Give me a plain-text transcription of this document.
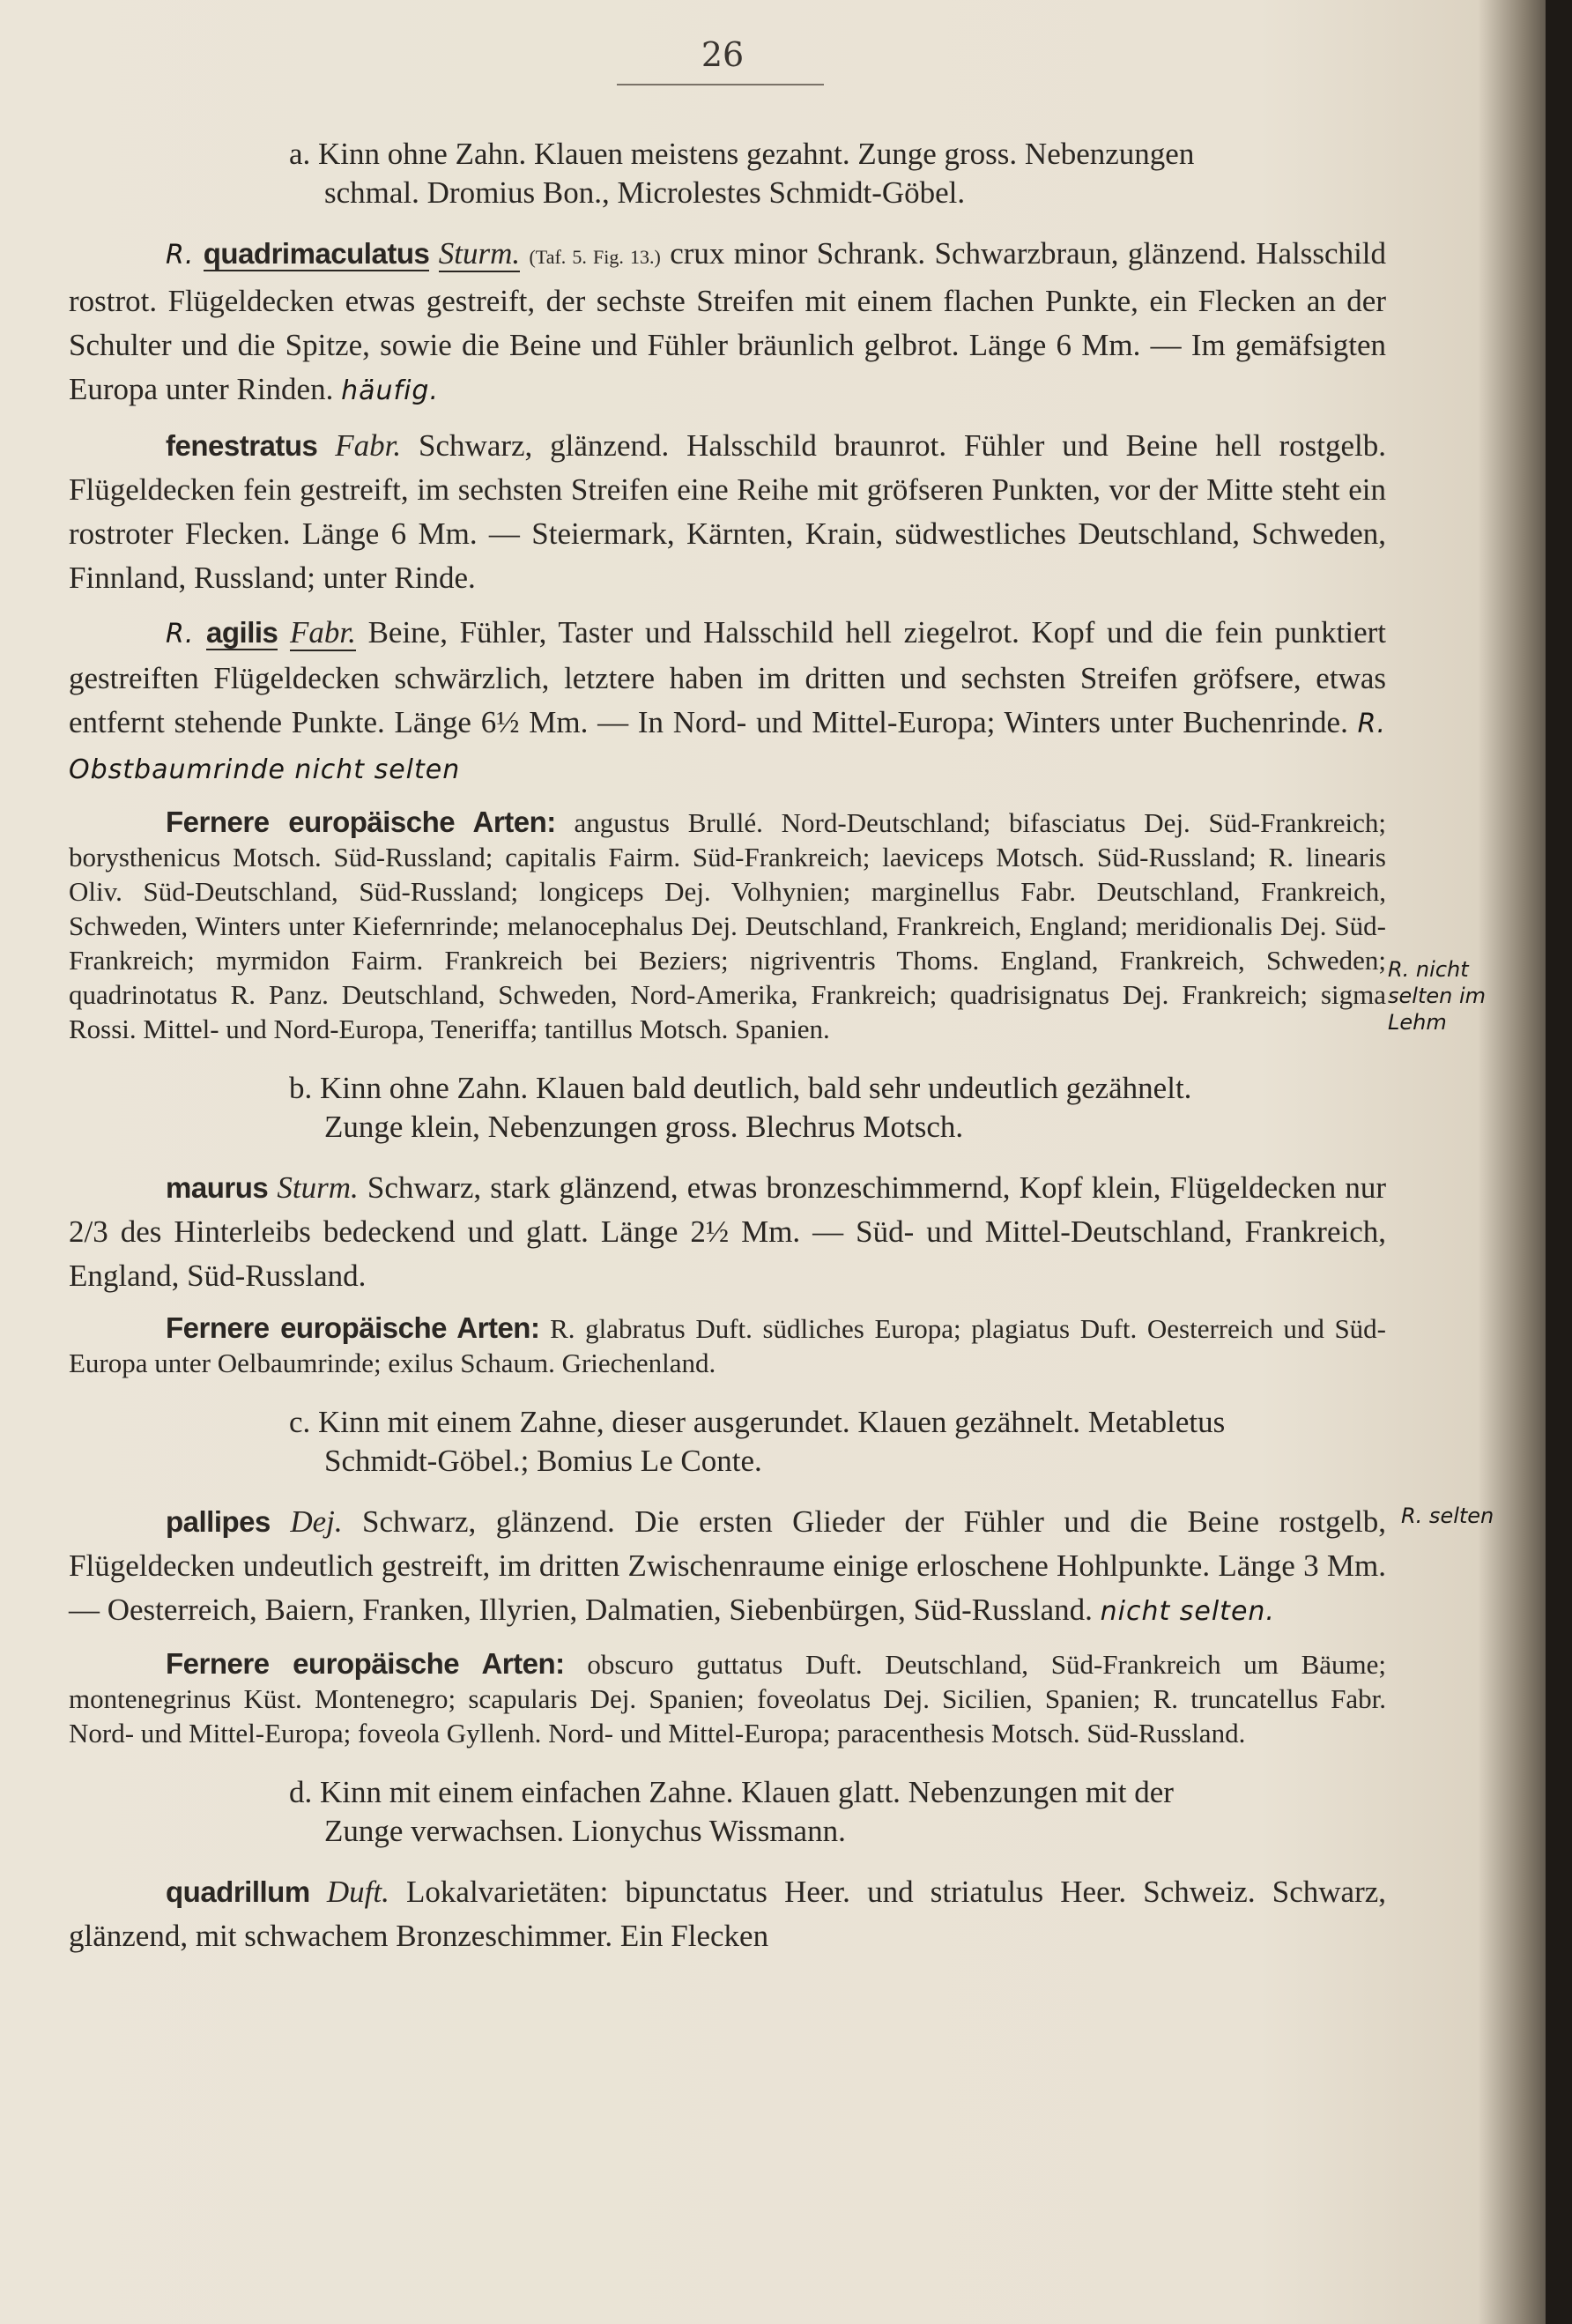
26

a. Kinn ohne Zahn. Klauen meistens gezahnt. Zunge gross. Nebenzungen schmal. Dromius Bon., Microlestes Schmidt-Göbel.

R. quadrimaculatus Sturm. (Taf. 5. Fig. 13.) crux minor Schrank. Schwarzbraun, glänzend. Halsschild rostrot. Flügeldecken etwas gestreift, der sechste Streifen mit einem flachen Punkte, ein Flecken an der Schulter und die Spitze, sowie die Beine und Fühler bräunlich gelbrot. Länge 6 Mm. — Im gemäfsigten Europa unter Rinden. häufig.

fenestratus Fabr. Schwarz, glänzend. Halsschild braunrot. Fühler und Beine hell rostgelb. Flügeldecken fein gestreift, im sechsten Streifen eine Reihe mit gröfseren Punkten, vor der Mitte steht ein rostroter Flecken. Länge 6 Mm. — Steiermark, Kärnten, Krain, südwestliches Deutschland, Schweden, Finnland, Russland; unter Rinde.

R. agilis Fabr. Beine, Fühler, Taster und Halsschild hell ziegelrot. Kopf und die fein punktiert gestreiften Flügeldecken schwärzlich, letztere haben im dritten und sechsten Streifen gröfsere, etwas entfernt stehende Punkte. Länge 6½ Mm. — In Nord- und Mittel-Europa; Winters unter Buchenrinde. R. Obstbaumrinde nicht selten

Fernere europäische Arten: angustus Brullé. Nord-Deutschland; bifasciatus Dej. Süd-Frankreich; borysthenicus Motsch. Süd-Russland; capitalis Fairm. Süd-Frankreich; laeviceps Motsch. Süd-Russland; R. linearis Oliv. Süd-Deutschland, Süd-Russland; longiceps Dej. Volhynien; marginellus Fabr. Deutschland, Frankreich, Schweden, Winters unter Kiefernrinde; melanocephalus Dej. Deutschland, Frankreich, England; meridionalis Dej. Süd-Frankreich; myrmidon Fairm. Frankreich bei Beziers; nigriventris Thoms. England, Frankreich, Schweden; quadrinotatus R. Panz. Deutschland, Schweden, Nord-Amerika, Frankreich; quadrisignatus Dej. Frankreich; sigma Rossi. Mittel- und Nord-Europa, Teneriffa; tantillus Motsch. Spanien.

b. Kinn ohne Zahn. Klauen bald deutlich, bald sehr undeutlich gezähnelt. Zunge klein, Nebenzungen gross. Blechrus Motsch.

maurus Sturm. Schwarz, stark glänzend, etwas bronzeschimmernd, Kopf klein, Flügeldecken nur 2/3 des Hinterleibs bedeckend und glatt. Länge 2½ Mm. — Süd- und Mittel-Deutschland, Frankreich, England, Süd-Russland.

Fernere europäische Arten: R. glabratus Duft. südliches Europa; plagiatus Duft. Oesterreich und Süd-Europa unter Oelbaumrinde; exilus Schaum. Griechenland.

c. Kinn mit einem Zahne, dieser ausgerundet. Klauen gezähnelt. Metabletus Schmidt-Göbel.; Bomius Le Conte.

pallipes Dej. Schwarz, glänzend. Die ersten Glieder der Fühler und die Beine rostgelb, Flügeldecken undeutlich gestreift, im dritten Zwischenraume einige erloschene Hohlpunkte. Länge 3 Mm. — Oesterreich, Baiern, Franken, Illyrien, Dalmatien, Siebenbürgen, Süd-Russland. nicht selten.

Fernere europäische Arten: obscuro guttatus Duft. Deutschland, Süd-Frankreich um Bäume; montenegrinus Küst. Montenegro; scapularis Dej. Spanien; foveolatus Dej. Sicilien, Spanien; R. truncatellus Fabr. Nord- und Mittel-Europa; foveola Gyllenh. Nord- und Mittel-Europa; paracenthesis Motsch. Süd-Russland.

d. Kinn mit einem einfachen Zahne. Klauen glatt. Nebenzungen mit der Zunge verwachsen. Lionychus Wissmann.

quadrillum Duft. Lokalvarietäten: bipunctatus Heer. und striatulus Heer. Schweiz. Schwarz, glänzend, mit schwachem Bronzeschimmer. Ein Flecken

R. nicht selten im Lehm
R. selten
